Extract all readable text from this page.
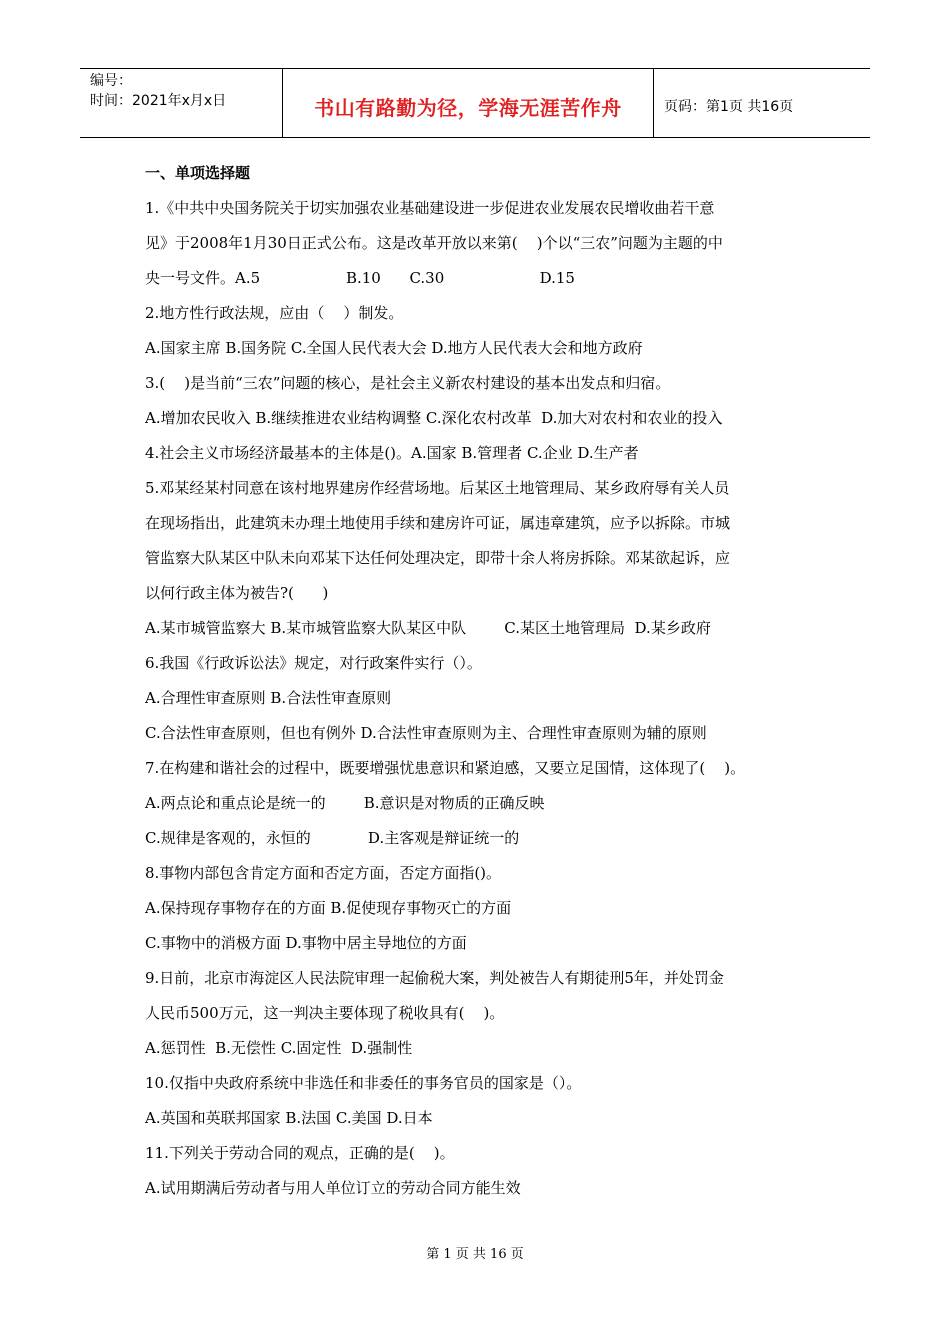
编号：
时间：2021年x月x日	书山有路勤为径，学海无涯苦作舟	页码：第1页 共16页

一、单项选择题

1.《中共中央国务院关于切实加强农业基础建设进一步促进农业发展农民增收曲若干意

见》于2008年1月30日正式公布。这是改革开放以来第(    )个以“三农”问题为主题的中

央一号文件。A.5                  B.10      C.30                    D.15

2.地方性行政法规，应由（    ）制发。

A.国家主席 B.国务院 C.全国人民代表大会 D.地方人民代表大会和地方政府

3.(    )是当前“三农”问题的核心，是社会主义新农村建设的基本出发点和归宿。

A.增加农民收入 B.继续推进农业结构调整 C.深化农村改革  D.加大对农村和农业的投入

4.社会主义市场经济最基本的主体是()。A.国家 B.管理者 C.企业 D.生产者

5.邓某经某村同意在该村地界建房作经营场地。后某区土地管理局、某乡政府辱有关人员

在现场指出，此建筑未办理土地使用手续和建房许可证，属违章建筑，应予以拆除。市城

管监察大队某区中队未向邓某下达任何处理决定，即带十余人将房拆除。邓某欲起诉，应

以何行政主体为被告?(      )

A.某市城管监察大 B.某市城管监察大队某区中队        C.某区土地管理局  D.某乡政府

6.我国《行政诉讼法》规定，对行政案件实行（）。

A.合理性审查原则 B.合法性审查原则

C.合法性审查原则，但也有例外 D.合法性审查原则为主、合理性审查原则为辅的原则

7.在构建和谐社会的过程中，既要增强忧患意识和紧迫感，又要立足国情，这体现了(    )。

A.两点论和重点论是统一的        B.意识是对物质的正确反映

C.规律是客观的，永恒的            D.主客观是辩证统一的

8.事物内部包含肯定方面和否定方面，否定方面指()。

A.保持现存事物存在的方面 B.促使现存事物灭亡的方面

C.事物中的消极方面 D.事物中居主导地位的方面

9.日前，北京市海淀区人民法院审理一起偷税大案，判处被告人有期徒刑5年，并处罚金

人民币500万元，这一判决主要体现了税收具有(    )。

A.惩罚性  B.无偿性 C.固定性  D.强制性

10.仅指中央政府系统中非选任和非委任的事务官员的国家是（）。

A.英国和英联邦国家 B.法国 C.美国 D.日本

11.下列关于劳动合同的观点，正确的是(    )。

A.试用期满后劳动者与用人单位订立的劳动合同方能生效

第 1 页 共 16 页
